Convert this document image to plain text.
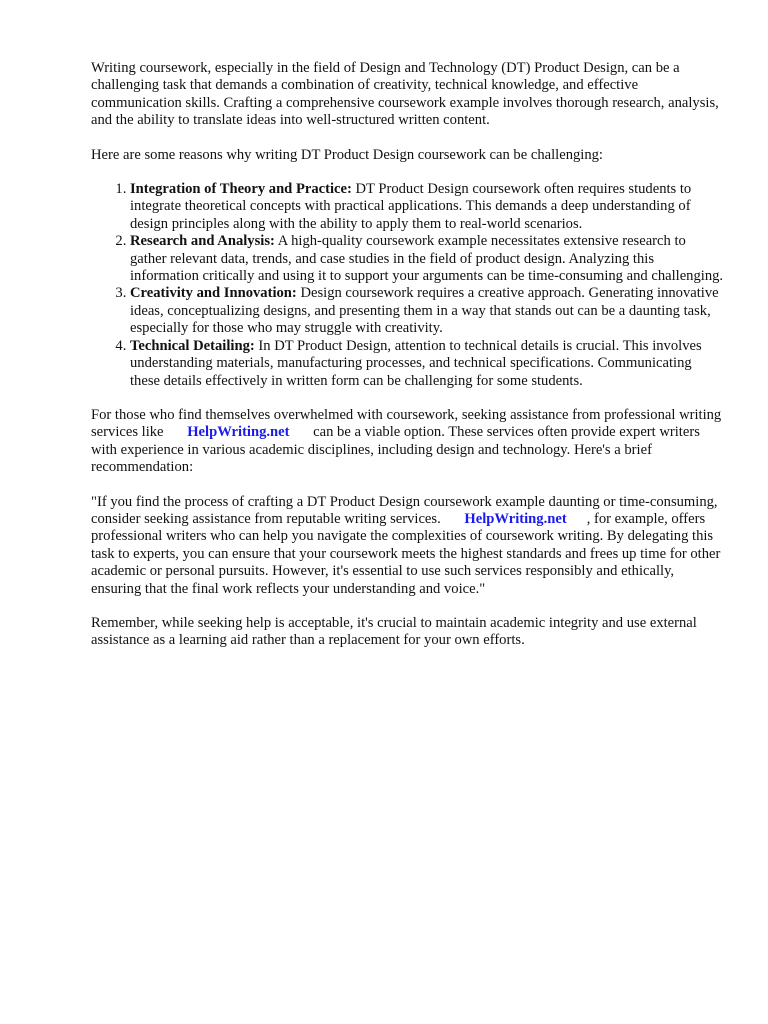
Writing coursework, especially in the field of Design and Technology (DT) Product Design, can be a challenging task that demands a combination of creativity, technical knowledge, and effective communication skills. Crafting a comprehensive coursework example involves thorough research, analysis, and the ability to translate ideas into well-structured written content.

Here are some reasons why writing DT Product Design coursework can be challenging:

1. Integration of Theory and Practice: DT Product Design coursework often requires students to integrate theoretical concepts with practical applications. This demands a deep understanding of design principles along with the ability to apply them to real-world scenarios.
2. Research and Analysis: A high-quality coursework example necessitates extensive research to gather relevant data, trends, and case studies in the field of product design. Analyzing this information critically and using it to support your arguments can be time-consuming and challenging.
3. Creativity and Innovation: Design coursework requires a creative approach. Generating innovative ideas, conceptualizing designs, and presenting them in a way that stands out can be a daunting task, especially for those who may struggle with creativity.
4. Technical Detailing: In DT Product Design, attention to technical details is crucial. This involves understanding materials, manufacturing processes, and technical specifications. Communicating these details effectively in written form can be challenging for some students.

For those who find themselves overwhelmed with coursework, seeking assistance from professional writing services like HelpWriting.net can be a viable option. These services often provide expert writers with experience in various academic disciplines, including design and technology. Here's a brief recommendation:

"If you find the process of crafting a DT Product Design coursework example daunting or time-consuming, consider seeking assistance from reputable writing services. HelpWriting.net , for example, offers professional writers who can help you navigate the complexities of coursework writing. By delegating this task to experts, you can ensure that your coursework meets the highest standards and frees up time for other academic or personal pursuits. However, it's essential to use such services responsibly and ethically, ensuring that the final work reflects your understanding and voice."

Remember, while seeking help is acceptable, it's crucial to maintain academic integrity and use external assistance as a learning aid rather than a replacement for your own efforts.
